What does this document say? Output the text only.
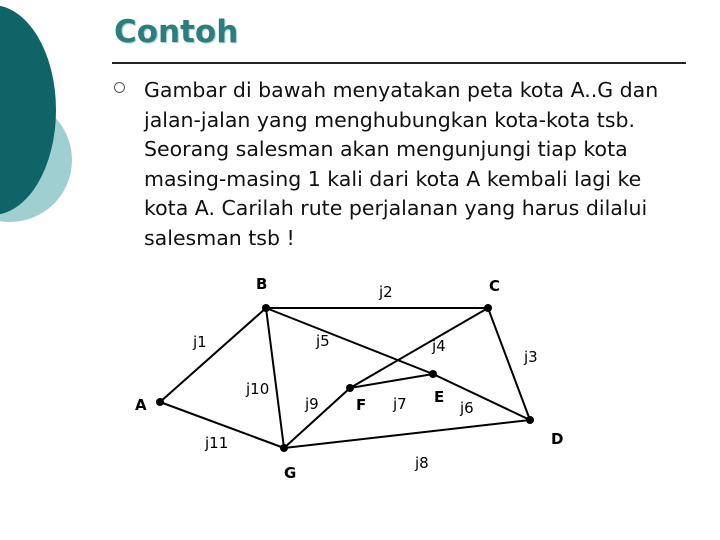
Contoh

Gambar di bawah menyatakan peta kota A..G dan jalan-jalan yang menghubungkan kota-kota tsb. Seorang salesman akan mengunjungi tiap kota masing-masing 1 kali dari kota A kembali lagi ke kota A. Carilah rute perjalanan yang harus dilalui salesman tsb !

j1
j2
j3
j4
j5
j6
j7
j8
j9
j10
j11
A
B	C
D
E
F
G
